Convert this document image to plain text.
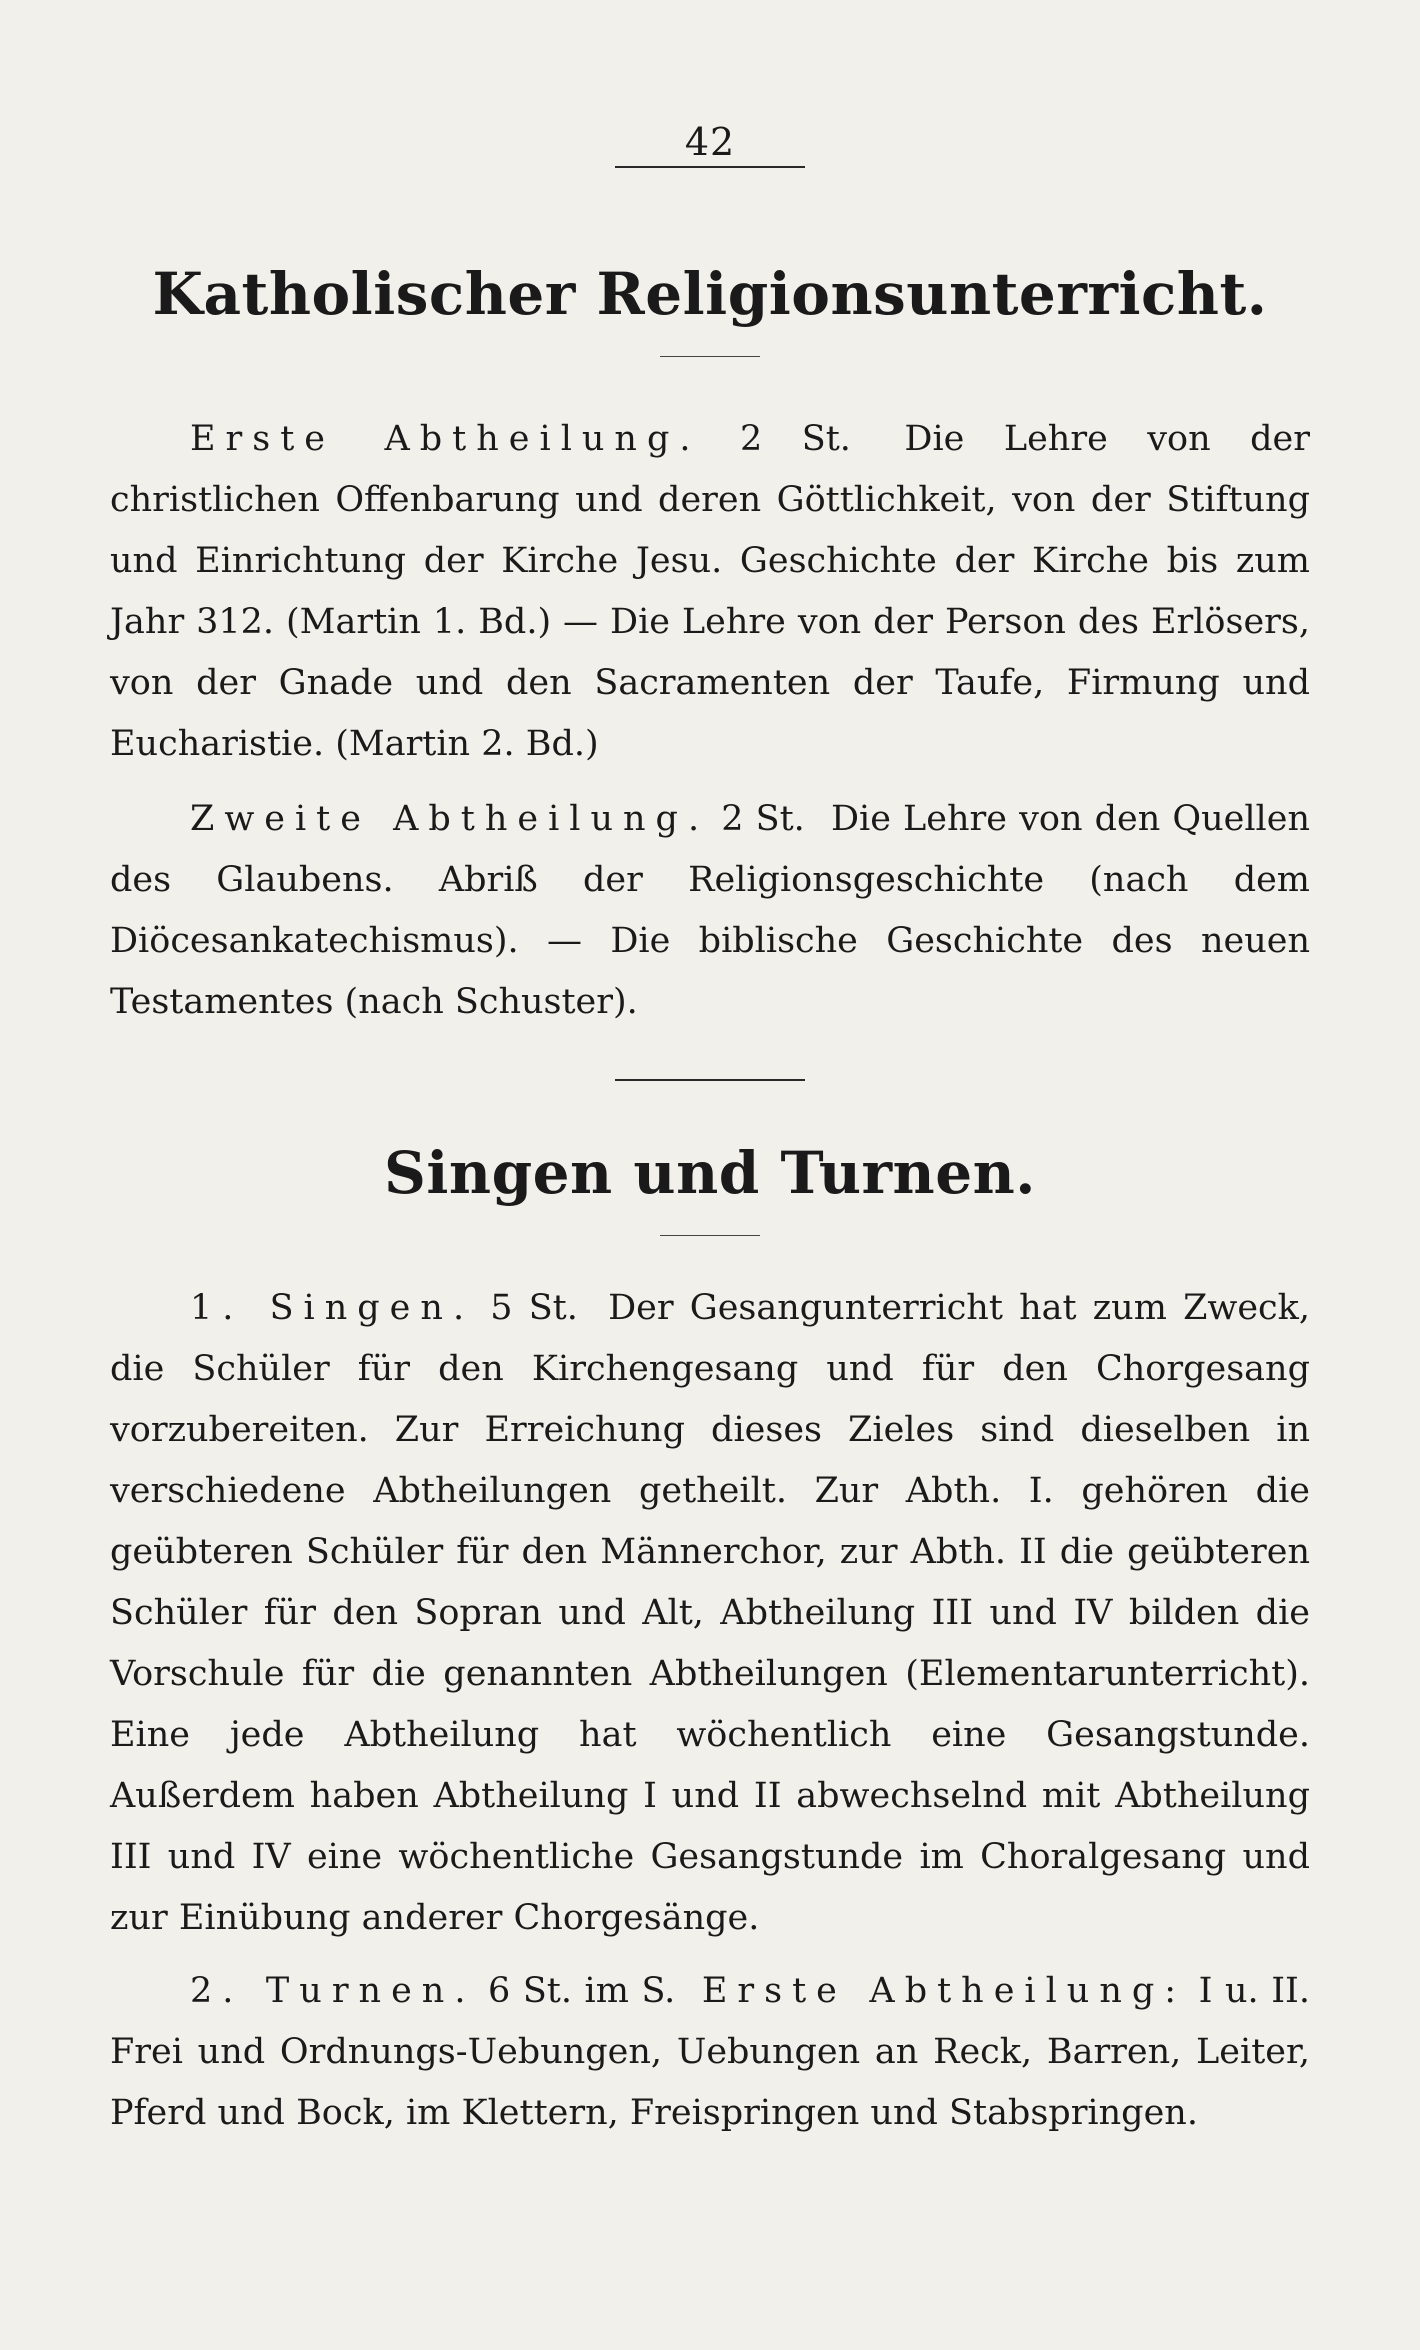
42
Katholischer Religionsunterricht.

Erste Abtheilung. 2 St. Die Lehre von der christlichen Offenbarung und deren Göttlichkeit, von der Stiftung und Einrichtung der Kirche Jesu. Geschichte der Kirche bis zum Jahr 312. (Martin 1. Bd.) — Die Lehre von der Person des Erlösers, von der Gnade und den Sacramenten der Taufe, Firmung und Eucharistie. (Martin 2. Bd.)

Zweite Abtheilung. 2 St. Die Lehre von den Quellen des Glaubens. Abriß der Religionsgeschichte (nach dem Diöcesankatechismus). — Die biblische Geschichte des neuen Testamentes (nach Schuster).

Singen und Turnen.

1. Singen. 5 St. Der Gesangunterricht hat zum Zweck, die Schüler für den Kirchengesang und für den Chorgesang vorzubereiten. Zur Erreichung dieses Zieles sind dieselben in verschiedene Abtheilungen getheilt. Zur Abth. I. gehören die geübteren Schüler für den Männerchor, zur Abth. II die geübteren Schüler für den Sopran und Alt, Abtheilung III und IV bilden die Vorschule für die genannten Abtheilungen (Elementarunterricht). Eine jede Abtheilung hat wöchentlich eine Gesangstunde. Außerdem haben Abtheilung I und II abwechselnd mit Abtheilung III und IV eine wöchentliche Gesangstunde im Choralgesang und zur Einübung anderer Chorgesänge.

2. Turnen. 6 St. im S. Erste Abtheilung: I u. II. Frei und Ordnungs-Uebungen, Uebungen an Reck, Barren, Leiter, Pferd und Bock, im Klettern, Freispringen und Stabspringen.
